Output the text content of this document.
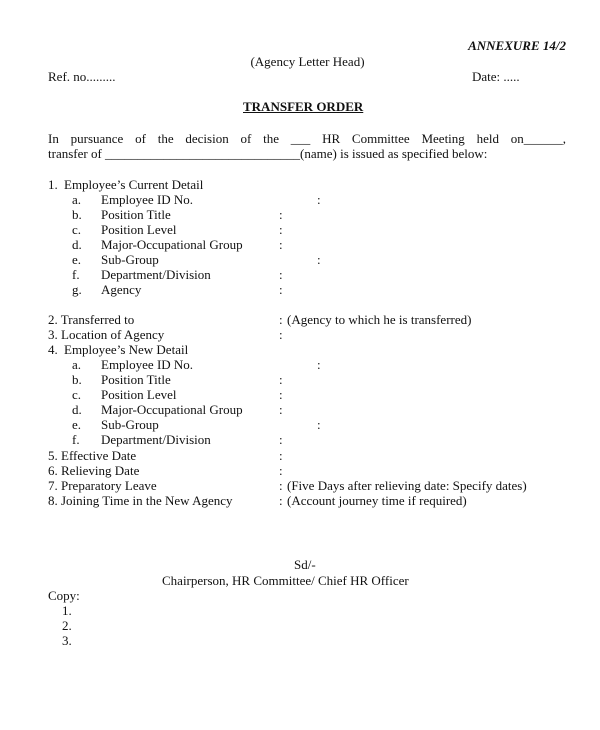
ANNEXURE 14/2
(Agency Letter Head)
Ref. no.........	Date: .....
TRANSFER ORDER

In pursuance of the decision of the ___ HR Committee Meeting held on______,

transfer of ______________________________(name) is issued as specified below:

1. Employee’s Current Detail
a. Employee ID No.	:
b. Position Title	:
c. Position Level	:
d. Major-Occupational Group	:
e. Sub-Group	:
f. Department/Division	:
g. Agency	:
2. Transferred to	: (Agency to which he is transferred)
3. Location of Agency	:
4. Employee’s New Detail
a. Employee ID No.	:
b. Position Title	:
c. Position Level	:
d. Major-Occupational Group	:
e. Sub-Group	:
f. Department/Division	:
5. Effective Date	:
6. Relieving Date	:
7. Preparatory Leave	: (Five Days after relieving date: Specify dates)
8. Joining Time in the New Agency	: (Account journey time if required)
Sd/-
Chairperson, HR Committee/ Chief HR Officer
Copy:
1.
2.
3.
